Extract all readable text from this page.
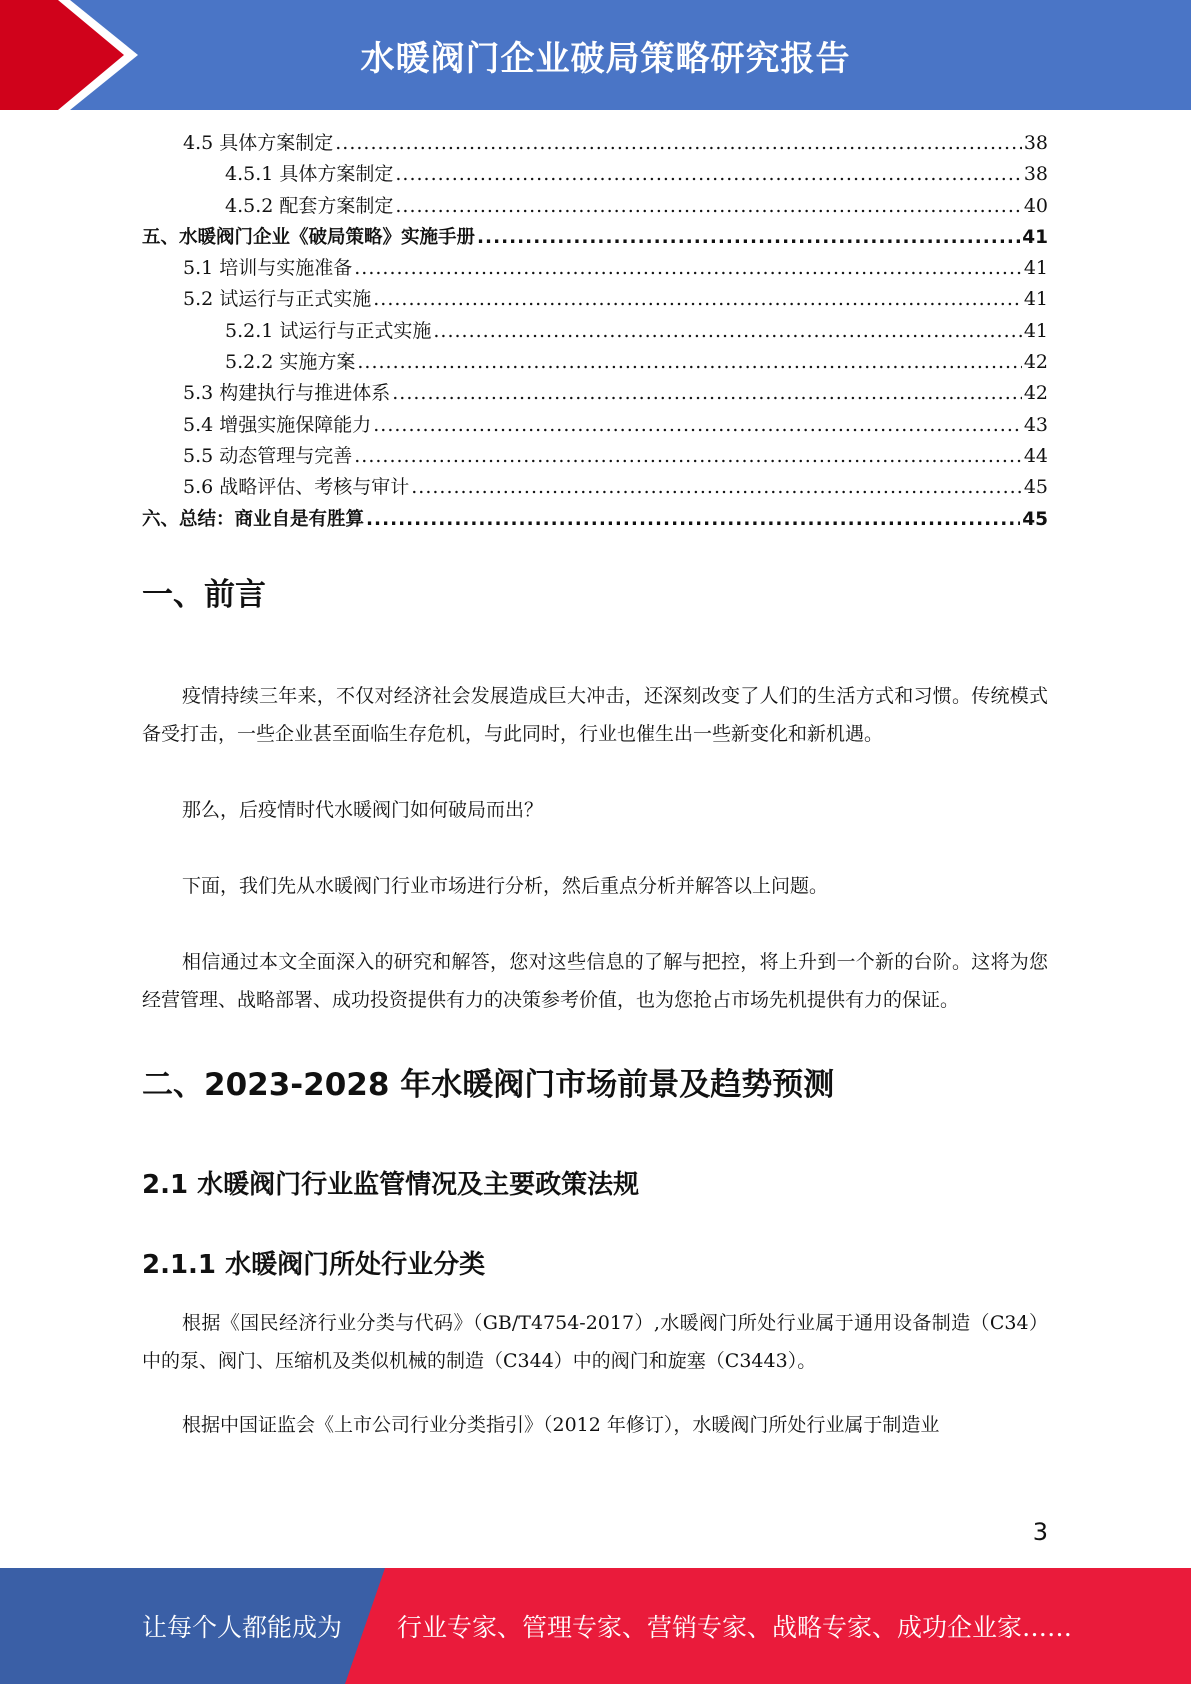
水暖阀门企业破局策略研究报告
4.5 具体方案制定 .....	38
4.5.1 具体方案制定 .....	38
4.5.2 配套方案制定 .....	40
五、水暖阀门企业《破局策略》实施手册 .....	41
5.1 培训与实施准备 .....	41
5.2 试运行与正式实施 .....	41
5.2.1 试运行与正式实施 .....	41
5.2.2 实施方案 .....	42
5.3 构建执行与推进体系 .....	42
5.4 增强实施保障能力 .....	43
5.5 动态管理与完善 .....	44
5.6 战略评估、考核与审计 .....	45
六、总结：商业自是有胜算 .....	45
一、前言

疫情持续三年来，不仅对经济社会发展造成巨大冲击，还深刻改变了人们的生活方式和习惯。传统模式备受打击，一些企业甚至面临生存危机，与此同时，行业也催生出一些新变化和新机遇。

那么，后疫情时代水暖阀门如何破局而出？

下面，我们先从水暖阀门行业市场进行分析，然后重点分析并解答以上问题。

相信通过本文全面深入的研究和解答，您对这些信息的了解与把控，将上升到一个新的台阶。这将为您经营管理、战略部署、成功投资提供有力的决策参考价值，也为您抢占市场先机提供有力的保证。

二、2023-2028 年水暖阀门市场前景及趋势预测
2.1 水暖阀门行业监管情况及主要政策法规
2.1.1 水暖阀门所处行业分类

根据《国民经济行业分类与代码》（GB/T4754-2017）,水暖阀门所处行业属于通用设备制造（C34）中的泵、阀门、压缩机及类似机械的制造（C344）中的阀门和旋塞（C3443）。

根据中国证监会《上市公司行业分类指引》（2012 年修订），水暖阀门所处行业属于制造业

3
让每个人都能成为 行业专家、管理专家、营销专家、战略专家、成功企业家……
